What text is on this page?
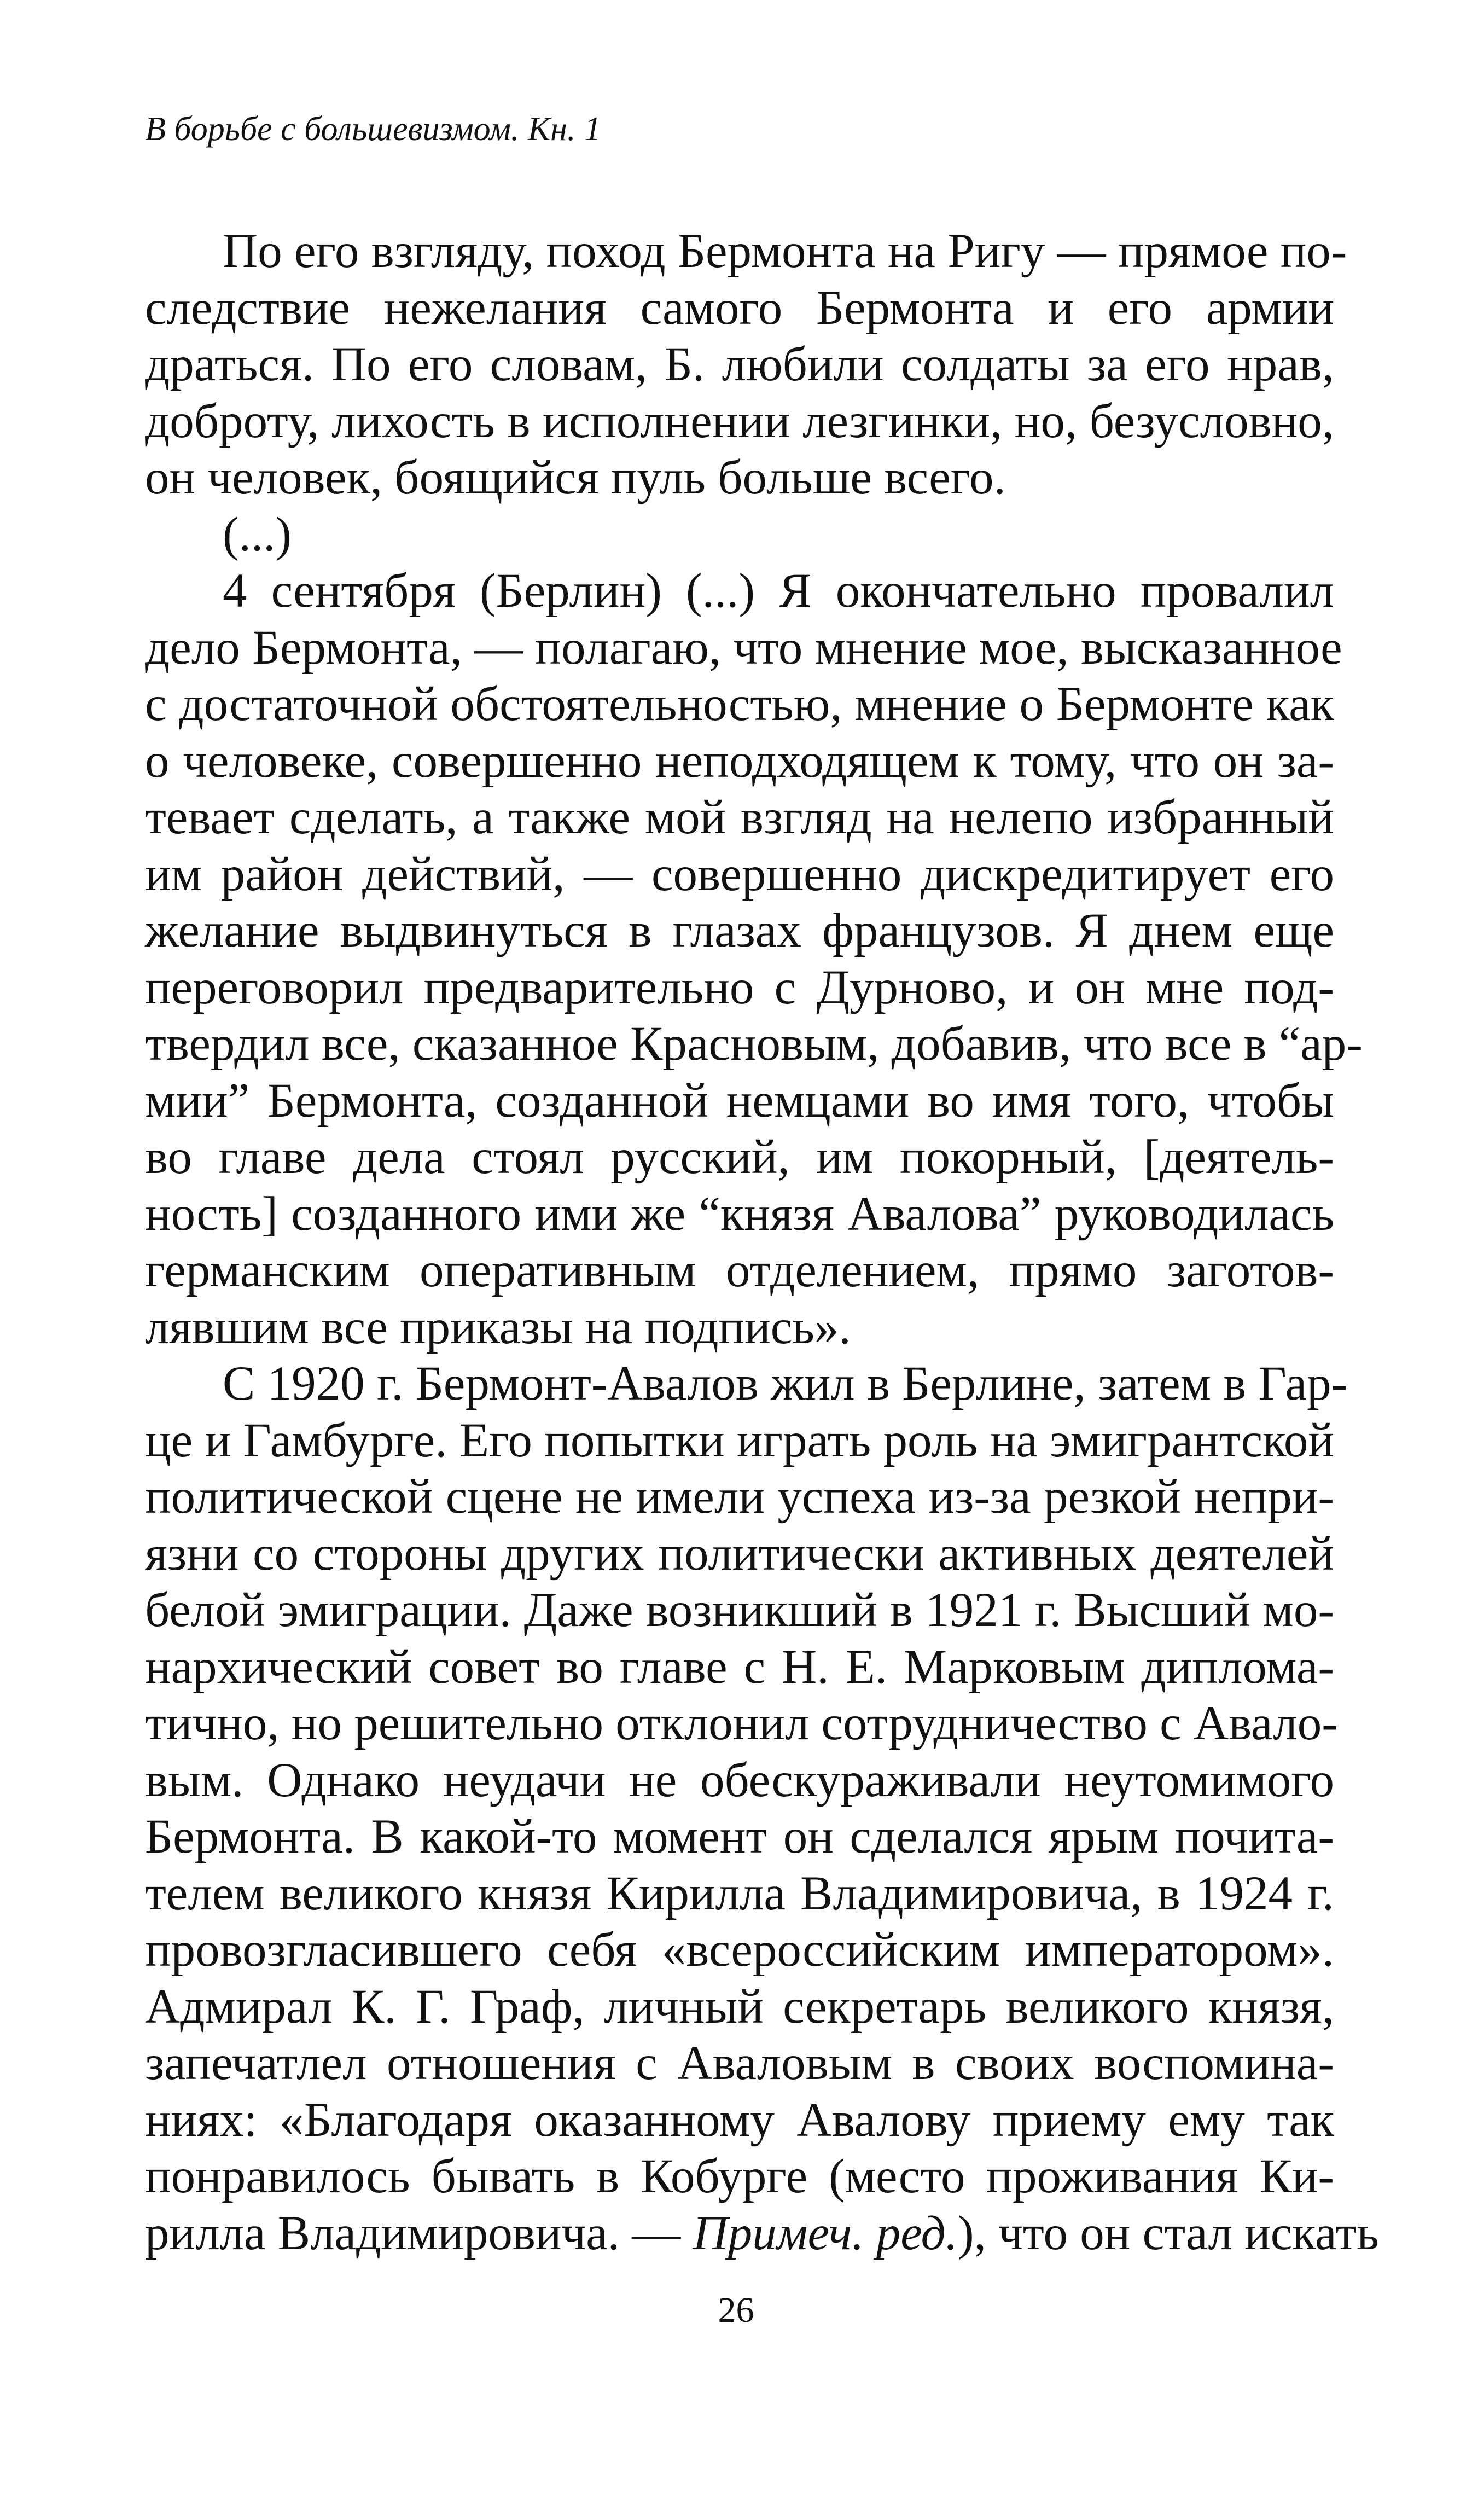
В борьбе с большевизмом. Кн. 1
По его взгляду, поход Бермонта на Ригу — прямое по-
следствие нежелания самого Бермонта и его армии
драться. По его словам, Б. любили солдаты за его нрав,
доброту, лихость в исполнении лезгинки, но, безусловно,
он человек, боящийся пуль больше всего.
(...)
4 сентября (Берлин) (...) Я окончательно провалил
дело Бермонта, — полагаю, что мнение мое, высказанное
с достаточной обстоятельностью, мнение о Бермонте как
о человеке, совершенно неподходящем к тому, что он за-
тевает сделать, а также мой взгляд на нелепо избранный
им район действий, — совершенно дискредитирует его
желание выдвинуться в глазах французов. Я днем еще
переговорил предварительно с Дурново, и он мне под-
твердил все, сказанное Красновым, добавив, что все в “ар-
мии” Бермонта, созданной немцами во имя того, чтобы
во главе дела стоял русский, им покорный, [деятель-
ность] созданного ими же “князя Авалова” руководилась
германским оперативным отделением, прямо заготов-
лявшим все приказы на подпись».
С 1920 г. Бермонт-Авалов жил в Берлине, затем в Гар-
це и Гамбурге. Его попытки играть роль на эмигрантской
политической сцене не имели успеха из-за резкой непри-
язни со стороны других политически активных деятелей
белой эмиграции. Даже возникший в 1921 г. Высший мо-
нархический совет во главе с Н. Е. Марковым диплома-
тично, но решительно отклонил сотрудничество с Авало-
вым. Однако неудачи не обескураживали неутомимого
Бермонта. В какой-то момент он сделался ярым почита-
телем великого князя Кирилла Владимировича, в 1924 г.
провозгласившего себя «всероссийским императором».
Адмирал К. Г. Граф, личный секретарь великого князя,
запечатлел отношения с Аваловым в своих воспомина-
ниях: «Благодаря оказанному Авалову приему ему так
понравилось бывать в Кобурге (место проживания Ки-
рилла Владимировича. — Примеч. ред.), что он стал искать
26
